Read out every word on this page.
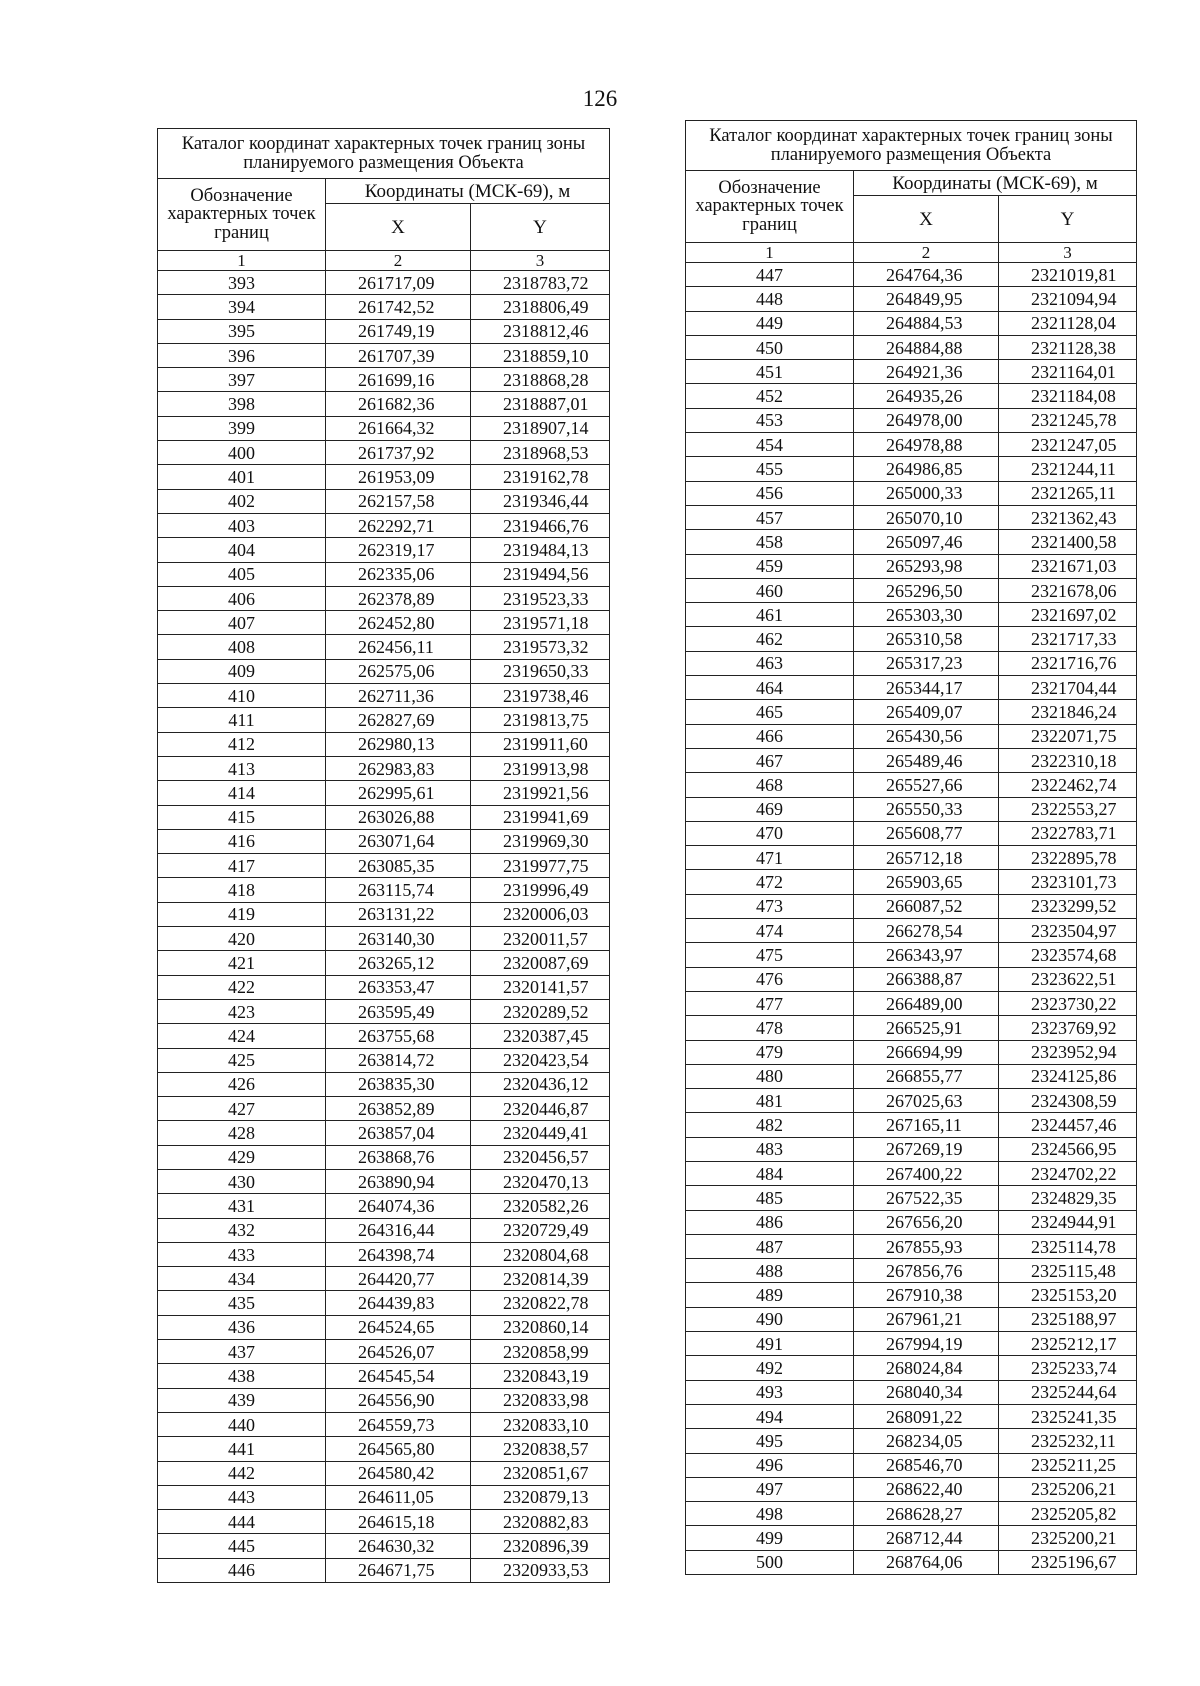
126
Каталог координат характерных точек границ зоны планируемого размещения Объекта		
Обозначение характерных точек границ	Координаты (МСК-69), м	
	X	Y
1	2	3
393	261717,09	2318783,72
394	261742,52	2318806,49
395	261749,19	2318812,46
396	261707,39	2318859,10
397	261699,16	2318868,28
398	261682,36	2318887,01
399	261664,32	2318907,14
400	261737,92	2318968,53
401	261953,09	2319162,78
402	262157,58	2319346,44
403	262292,71	2319466,76
404	262319,17	2319484,13
405	262335,06	2319494,56
406	262378,89	2319523,33
407	262452,80	2319571,18
408	262456,11	2319573,32
409	262575,06	2319650,33
410	262711,36	2319738,46
411	262827,69	2319813,75
412	262980,13	2319911,60
413	262983,83	2319913,98
414	262995,61	2319921,56
415	263026,88	2319941,69
416	263071,64	2319969,30
417	263085,35	2319977,75
418	263115,74	2319996,49
419	263131,22	2320006,03
420	263140,30	2320011,57
421	263265,12	2320087,69
422	263353,47	2320141,57
423	263595,49	2320289,52
424	263755,68	2320387,45
425	263814,72	2320423,54
426	263835,30	2320436,12
427	263852,89	2320446,87
428	263857,04	2320449,41
429	263868,76	2320456,57
430	263890,94	2320470,13
431	264074,36	2320582,26
432	264316,44	2320729,49
433	264398,74	2320804,68
434	264420,77	2320814,39
435	264439,83	2320822,78
436	264524,65	2320860,14
437	264526,07	2320858,99
438	264545,54	2320843,19
439	264556,90	2320833,98
440	264559,73	2320833,10
441	264565,80	2320838,57
442	264580,42	2320851,67
443	264611,05	2320879,13
444	264615,18	2320882,83
445	264630,32	2320896,39
446	264671,75	2320933,53
Каталог координат характерных точек границ зоны планируемого размещения Объекта		
Обозначение характерных точек границ	Координаты (МСК-69), м	
	X	Y
1	2	3
447	264764,36	2321019,81
448	264849,95	2321094,94
449	264884,53	2321128,04
450	264884,88	2321128,38
451	264921,36	2321164,01
452	264935,26	2321184,08
453	264978,00	2321245,78
454	264978,88	2321247,05
455	264986,85	2321244,11
456	265000,33	2321265,11
457	265070,10	2321362,43
458	265097,46	2321400,58
459	265293,98	2321671,03
460	265296,50	2321678,06
461	265303,30	2321697,02
462	265310,58	2321717,33
463	265317,23	2321716,76
464	265344,17	2321704,44
465	265409,07	2321846,24
466	265430,56	2322071,75
467	265489,46	2322310,18
468	265527,66	2322462,74
469	265550,33	2322553,27
470	265608,77	2322783,71
471	265712,18	2322895,78
472	265903,65	2323101,73
473	266087,52	2323299,52
474	266278,54	2323504,97
475	266343,97	2323574,68
476	266388,87	2323622,51
477	266489,00	2323730,22
478	266525,91	2323769,92
479	266694,99	2323952,94
480	266855,77	2324125,86
481	267025,63	2324308,59
482	267165,11	2324457,46
483	267269,19	2324566,95
484	267400,22	2324702,22
485	267522,35	2324829,35
486	267656,20	2324944,91
487	267855,93	2325114,78
488	267856,76	2325115,48
489	267910,38	2325153,20
490	267961,21	2325188,97
491	267994,19	2325212,17
492	268024,84	2325233,74
493	268040,34	2325244,64
494	268091,22	2325241,35
495	268234,05	2325232,11
496	268546,70	2325211,25
497	268622,40	2325206,21
498	268628,27	2325205,82
499	268712,44	2325200,21
500	268764,06	2325196,67
